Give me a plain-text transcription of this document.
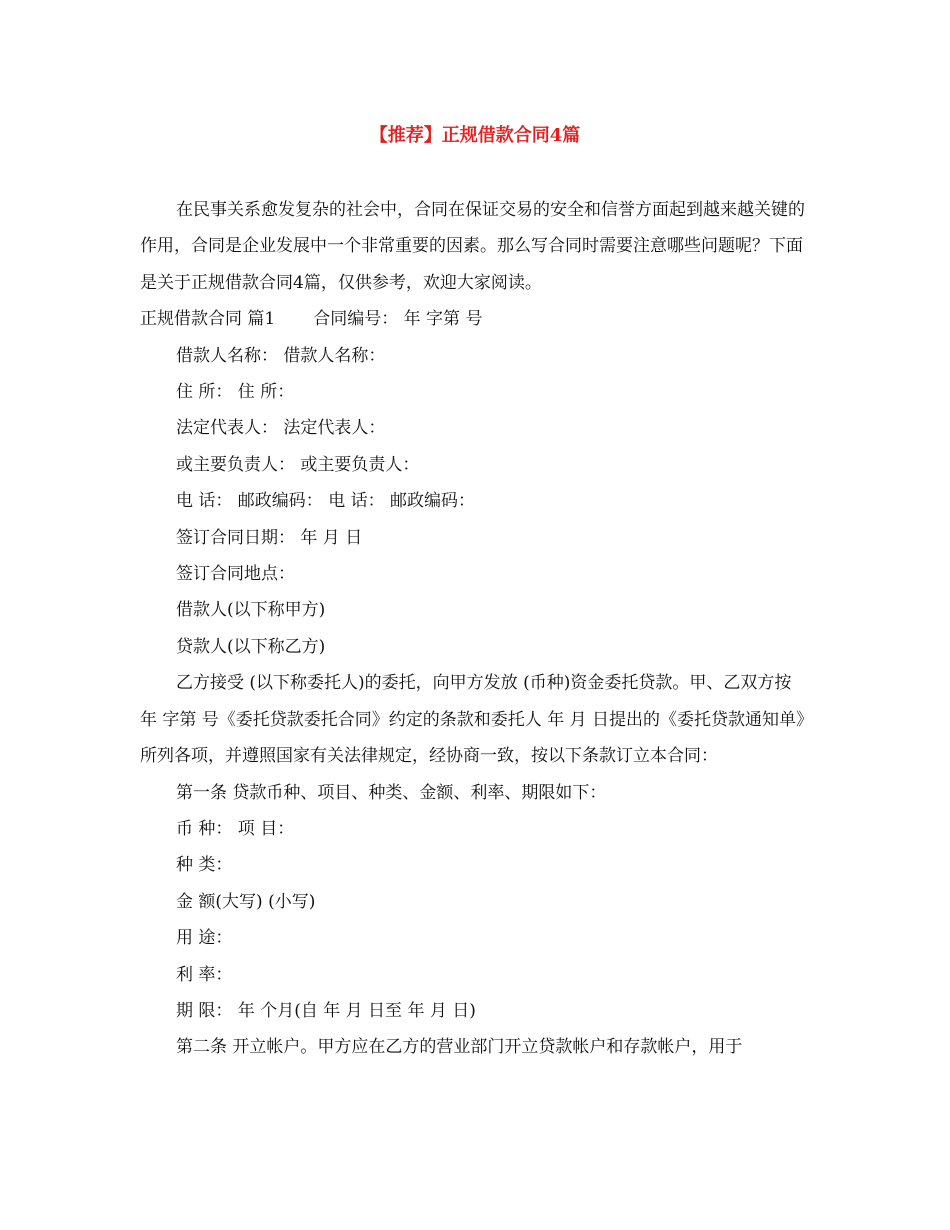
【推荐】正规借款合同4篇

在民事关系愈发复杂的社会中，合同在保证交易的安全和信誉方面起到越来越关键的作用，合同是企业发展中一个非常重要的因素。那么写合同时需要注意哪些问题呢？下面是关于正规借款合同4篇，仅供参考，欢迎大家阅读。

正规借款合同 篇1 合同编号： 年 字第 号

借款人名称： 借款人名称：

住 所： 住 所：

法定代表人： 法定代表人：

或主要负责人： 或主要负责人：

电 话： 邮政编码： 电 话： 邮政编码：

签订合同日期： 年 月 日

签订合同地点：

借款人(以下称甲方)

贷款人(以下称乙方)

乙方接受 (以下称委托人)的委托，向甲方发放 (币种)资金委托贷款。甲、乙双方按 年 字第 号《委托贷款委托合同》约定的条款和委托人 年 月 日提出的《委托贷款通知单》所列各项，并遵照国家有关法律规定，经协商一致，按以下条款订立本合同：

第一条 贷款币种、项目、种类、金额、利率、期限如下：

币 种： 项 目：

种 类：

金 额(大写) (小写)

用 途：

利 率：

期 限： 年 个月(自 年 月 日至 年 月 日)

第二条 开立帐户。甲方应在乙方的营业部门开立贷款帐户和存款帐户，用于
